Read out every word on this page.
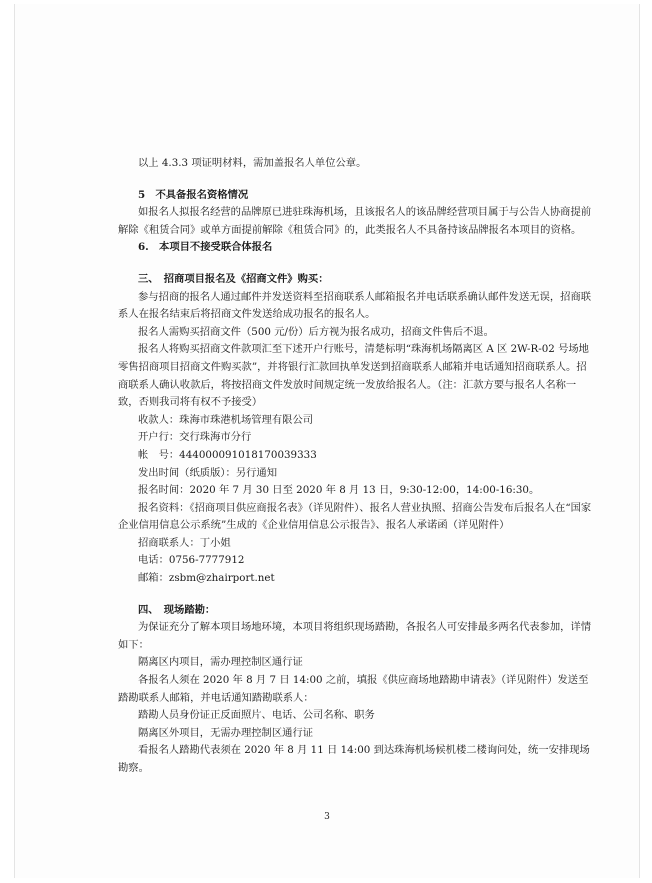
以上 4.3.3 项证明材料，需加盖报名人单位公章。

5　不具备报名资格情况

如报名人拟报名经营的品牌原已进驻珠海机场，且该报名人的该品牌经营项目属于与公告人协商提前解除《租赁合同》或单方面提前解除《租赁合同》的，此类报名人不具备持该品牌报名本项目的资格。

6.　本项目不接受联合体报名

三、　招商项目报名及《招商文件》购买：

参与招商的报名人通过邮件并发送资料至招商联系人邮箱报名并电话联系确认邮件发送无误，招商联系人在报名结束后将招商文件发送给成功报名的报名人。

报名人需购买招商文件（500 元/份）后方视为报名成功，招商文件售后不退。

报名人将购买招商文件款项汇至下述开户行账号，清楚标明“珠海机场隔离区 A 区 2W-R-02 号场地零售招商项目招商文件购买款”，并将银行汇款回执单发送到招商联系人邮箱并电话通知招商联系人。招商联系人确认收款后，将按招商文件发放时间规定统一发放给报名人。（注：汇款方要与报名人名称一致，否则我司将有权不予接受）

收款人：珠海市珠港机场管理有限公司

开户行：交行珠海市分行

帐　号：444000091018170039333

发出时间（纸质版）：另行通知

报名时间：2020 年 7 月 30 日至 2020 年 8 月 13 日，9:30-12:00，14:00-16:30。

报名资料：《招商项目供应商报名表》（详见附件）、报名人营业执照、招商公告发布后报名人在“国家企业信用信息公示系统”生成的《企业信用信息公示报告》、报名人承诺函（详见附件）

招商联系人：丁小姐

电话：0756-7777912

邮箱：zsbm@zhairport.net

四、　现场踏勘：

为保证充分了解本项目场地环境，本项目将组织现场踏勘，各报名人可安排最多两名代表参加，详情如下：

隔离区内项目，需办理控制区通行证

各报名人须在 2020 年 8 月 7 日 14:00 之前，填报《供应商场地踏勘申请表》（详见附件）发送至踏勘联系人邮箱，并电话通知踏勘联系人：

踏勘人员身份证正反面照片、电话、公司名称、职务

隔离区外项目，无需办理控制区通行证

看报名人踏勘代表须在 2020 年 8 月 11 日 14:00 到达珠海机场候机楼二楼询问处，统一安排现场勘察。

3
